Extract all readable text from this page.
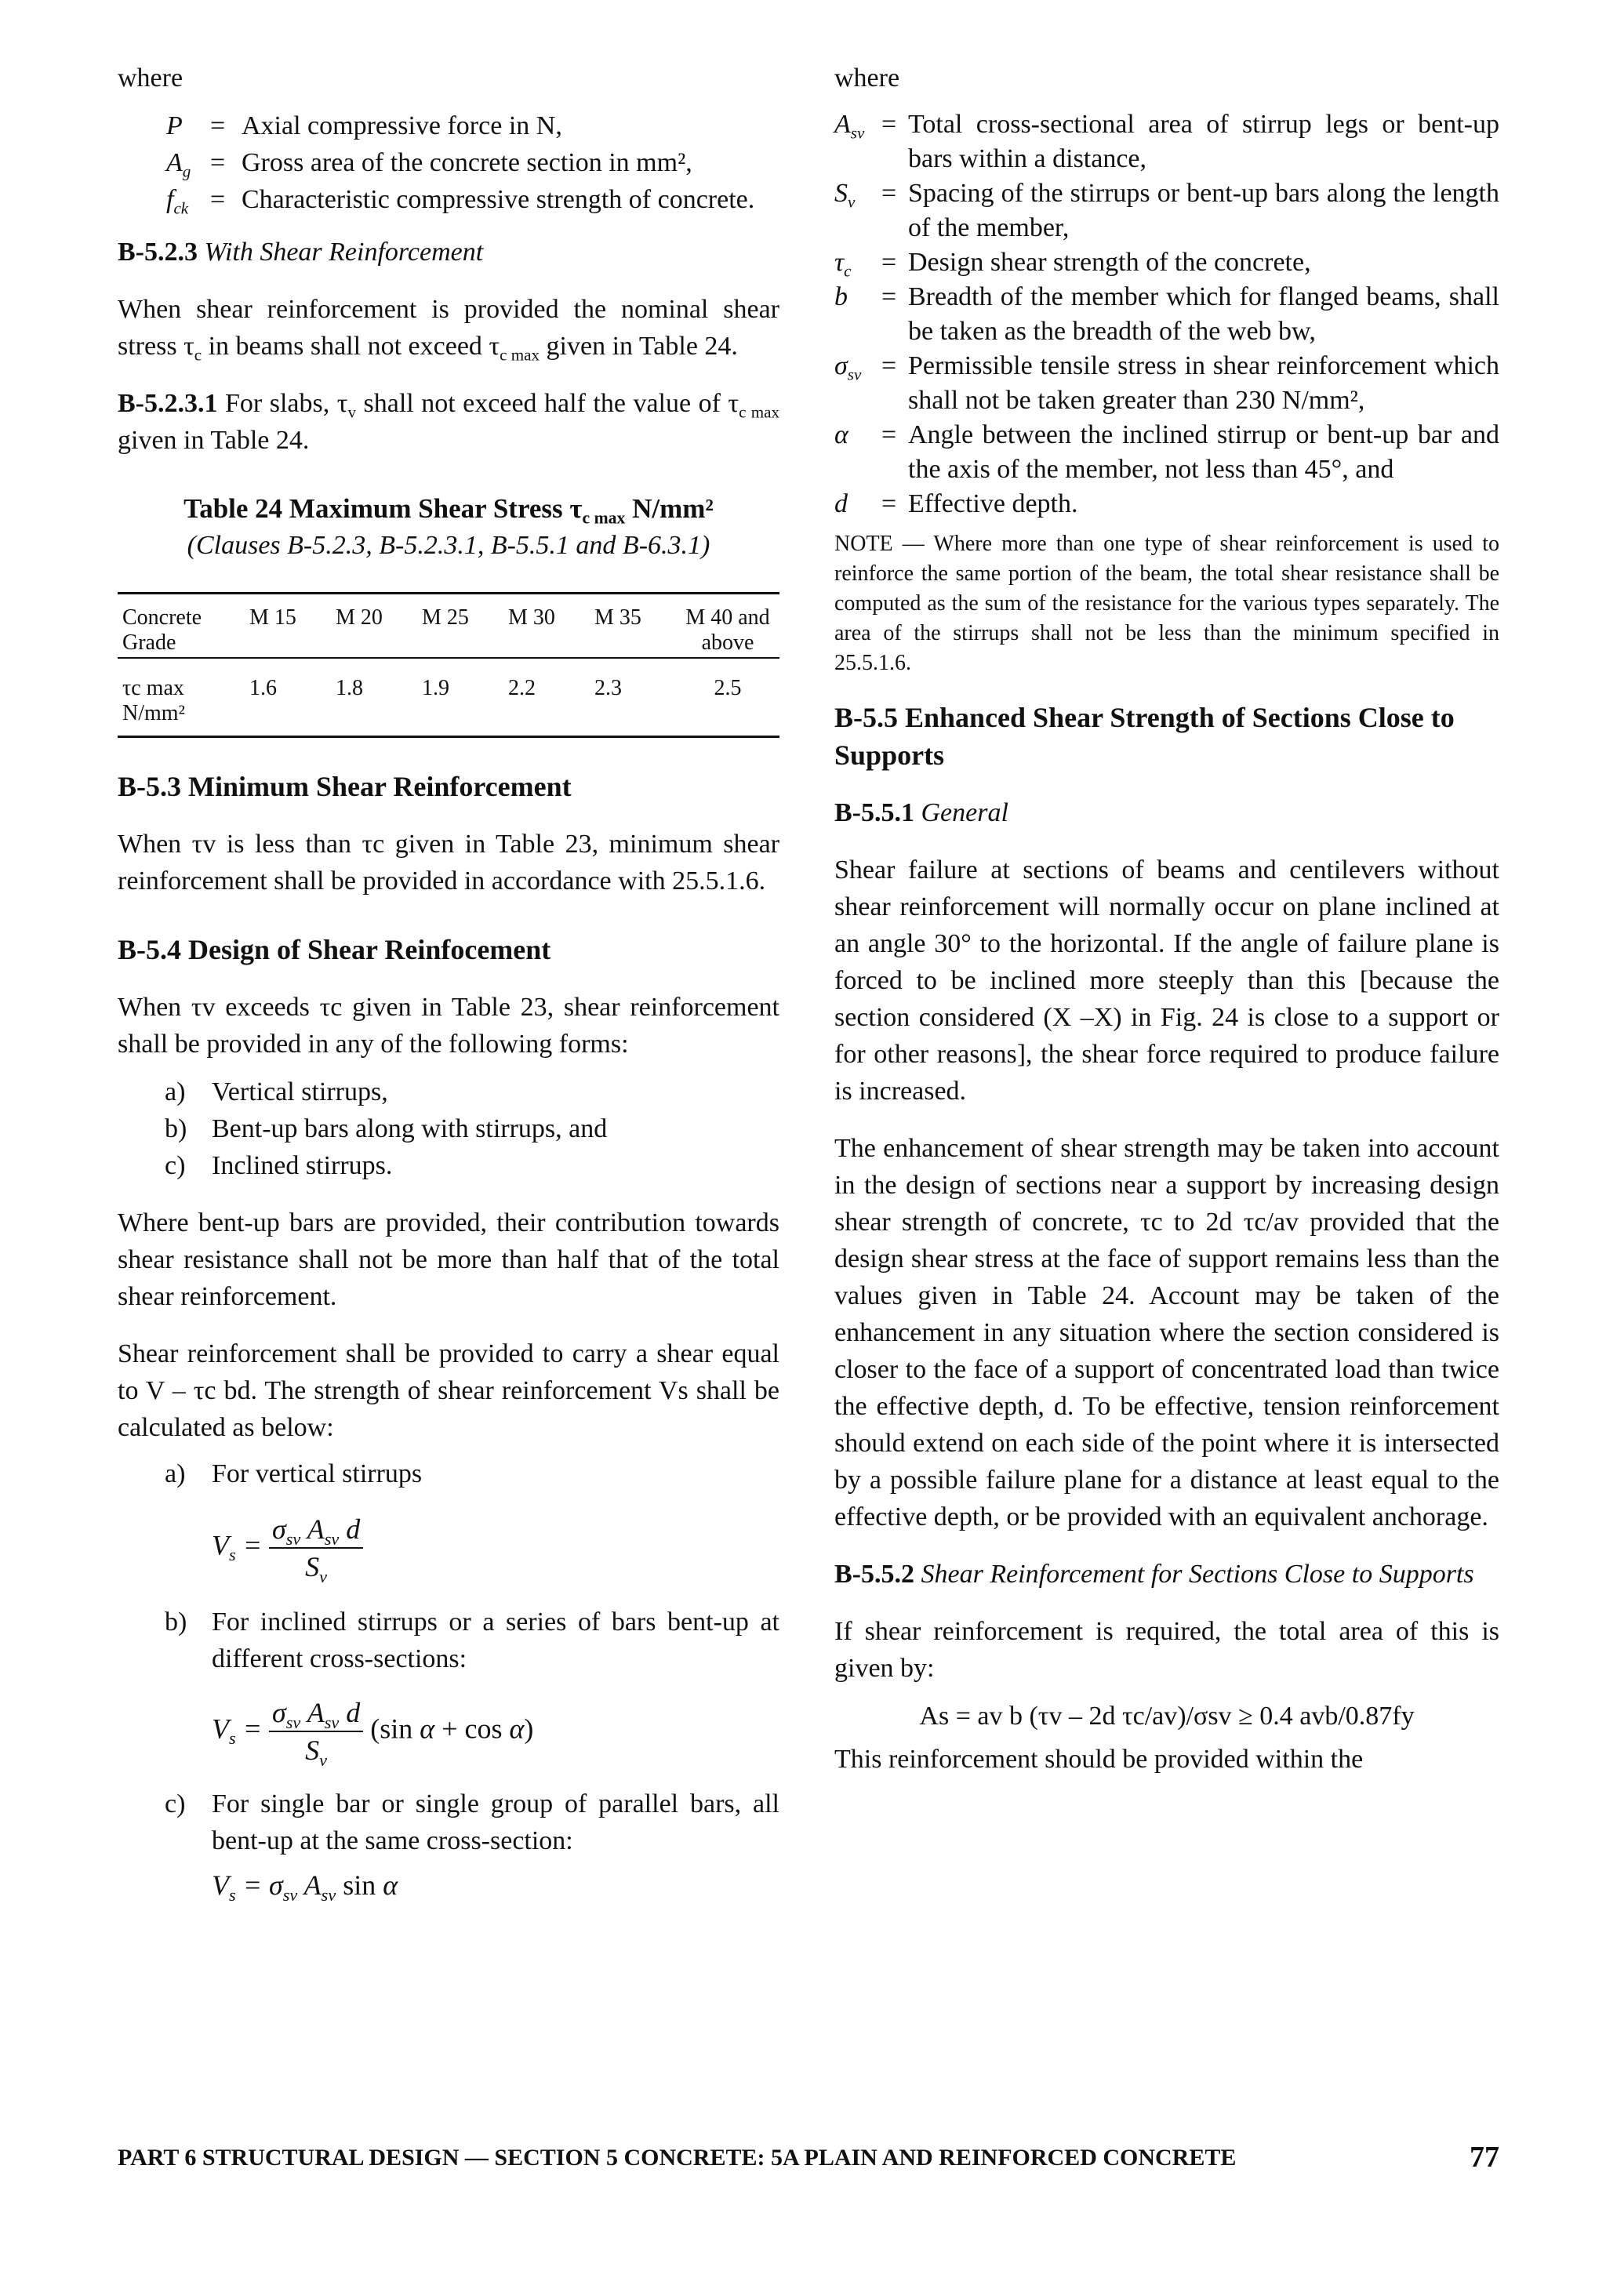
where

P	= Axial compressive force in N,
$A_g$ = Gross area of the concrete section in mm²,
$f_{ck}$ = Characteristic compressive strength of concrete.

B-5.2.3 With Shear Reinforcement

When shear reinforcement is provided the nominal shear stress $\tau_c$ in beams shall not exceed $\tau_{c max}$ given in Table 24.

B-5.2.3.1 For slabs, $\tau_v$ shall not exceed half the value of $\tau_{c max}$ given in Table 24.

Table 24 Maximum Shear Stress $\tau_{c max}$ N/mm²

(Clauses B-5.2.3, B-5.2.3.1, B-5.5.1 and B-6.3.1)

Concrete Grade	M 15	M 20	M 25	M 30	M 35	M 40 and above
τc max N/mm²	1.6	1.8	1.9	2.2	2.3	2.5

B-5.3 Minimum Shear Reinforcement

When τv is less than τc given in Table 23, minimum shear reinforcement shall be provided in accordance with 25.5.1.6.

B-5.4 Design of Shear Reinfocement

When τv exceeds τc given in Table 23, shear reinforcement shall be provided in any of the following forms:

a) Vertical stirrups,
b) Bent-up bars along with stirrups, and
c) Inclined stirrups.

Where bent-up bars are provided, their contribution towards shear resistance shall not be more than half that of the total shear reinforcement.

Shear reinforcement shall be provided to carry a shear equal to V – τc bd. The strength of shear reinforcement Vs shall be calculated as below:

a) For vertical stirrups
$V_s = \frac{\sigma_{sv} A_{sv} d}{S_v}$
b) For inclined stirrups or a series of bars bent-up at different cross-sections:
$V_s = \frac{\sigma_{sv} A_{sv} d}{S_v} (\sin$ α + cos α)
c) For single bar or single group of parallel bars, all bent-up at the same cross-section:
$V_s = \sigma_{sv}$ $A_{sv}$ sin α

where

$A_{sv}$ = Total cross-sectional area of stirrup legs or bent-up bars within a distance,
$S_v$ = Spacing of the stirrups or bent-up bars along the length of the member,
$\tau_c$	= Design shear strength of the concrete,
b	= Breadth of the member which for flanged beams, shall be taken as the breadth of the web bw,
$\sigma_{sv}$ = Permissible tensile stress in shear reinforcement which shall not be taken greater than 230 N/mm²,
α	= Angle between the inclined stirrup or bent-up bar and the axis of the member, not less than 45°, and
d	= Effective depth.

NOTE — Where more than one type of shear reinforcement is used to reinforce the same portion of the beam, the total shear resistance shall be computed as the sum of the resistance for the various types separately. The area of the stirrups shall not be less than the minimum specified in 25.5.1.6.

B-5.5 Enhanced Shear Strength of Sections Close to Supports

B-5.5.1 General

Shear failure at sections of beams and centilevers without shear reinforcement will normally occur on plane inclined at an angle 30° to the horizontal. If the angle of failure plane is forced to be inclined more steeply than this [because the section considered (X –X) in Fig. 24 is close to a support or for other reasons], the shear force required to produce failure is increased.

The enhancement of shear strength may be taken into account in the design of sections near a support by increasing design shear strength of concrete, τc to 2d τc/av provided that the design shear stress at the face of support remains less than the values given in Table 24. Account may be taken of the enhancement in any situation where the section considered is closer to the face of a support of concentrated load than twice the effective depth, d. To be effective, tension reinforcement should extend on each side of the point where it is intersected by a possible failure plane for a distance at least equal to the effective depth, or be provided with an equivalent anchorage.

B-5.5.2 Shear Reinforcement for Sections Close to Supports

If shear reinforcement is required, the total area of this is given by:

As = av b (τv – 2d τc/av)/σsv ≥ 0.4 avb/0.87fy

This reinforcement should be provided within the

PART 6 STRUCTURAL DESIGN — SECTION 5 CONCRETE: 5A PLAIN AND REINFORCED CONCRETE	77
